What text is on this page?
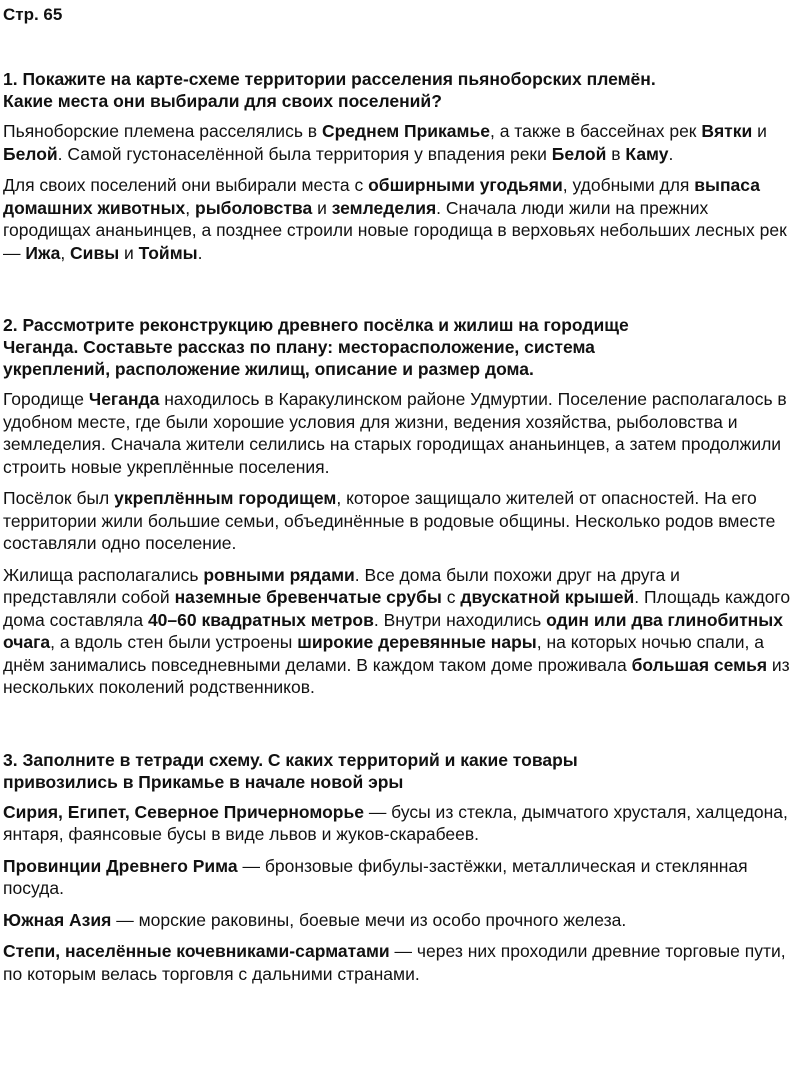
Стр. 65
1. Покажите на карте-схеме территории расселения пьяноборских племён.
Какие места они выбирали для своих поселений?
Пьяноборские племена расселялись в Среднем Прикамье, а также в бассейнах рек Вятки и Белой. Самой густонаселённой была территория у впадения реки Белой в Каму.
Для своих поселений они выбирали места с обширными угодьями, удобными для выпаса домашних животных, рыболовства и земледелия. Сначала люди жили на прежних городищах ананьинцев, а позднее строили новые городища в верховьях небольших лесных рек — Ижа, Сивы и Тоймы.
2. Рассмотрите реконструкцию древнего посёлка и жилиш на городище
Чеганда. Составьте рассказ по плану: месторасположение, система
укреплений, расположение жилищ, описание и размер дома.
Городище Чеганда находилось в Каракулинском районе Удмуртии. Поселение располагалось в удобном месте, где были хорошие условия для жизни, ведения хозяйства, рыболовства и земледелия. Сначала жители селились на старых городищах ананьинцев, а затем продолжили строить новые укреплённые поселения.
Посёлок был укреплённым городищем, которое защищало жителей от опасностей. На его территории жили большие семьи, объединённые в родовые общины. Несколько родов вместе составляли одно поселение.
Жилища располагались ровными рядами. Все дома были похожи друг на друга и представляли собой наземные бревенчатые срубы с двускатной крышей. Площадь каждого дома составляла 40–60 квадратных метров. Внутри находились один или два глинобитных очага, а вдоль стен были устроены широкие деревянные нары, на которых ночью спали, а днём занимались повседневными делами. В каждом таком доме проживала большая семья из нескольких поколений родственников.
3. Заполните в тетради схему. С каких территорий и какие товары
привозились в Прикамье в начале новой эры
Сирия, Египет, Северное Причерноморье — бусы из стекла, дымчатого хрусталя, халцедона, янтаря, фаянсовые бусы в виде львов и жуков-скарабеев.
Провинции Древнего Рима — бронзовые фибулы-застёжки, металлическая и стеклянная посуда.
Южная Азия — морские раковины, боевые мечи из особо прочного железа.
Степи, населённые кочевниками-сарматами — через них проходили древние торговые пути, по которым велась торговля с дальними странами.
